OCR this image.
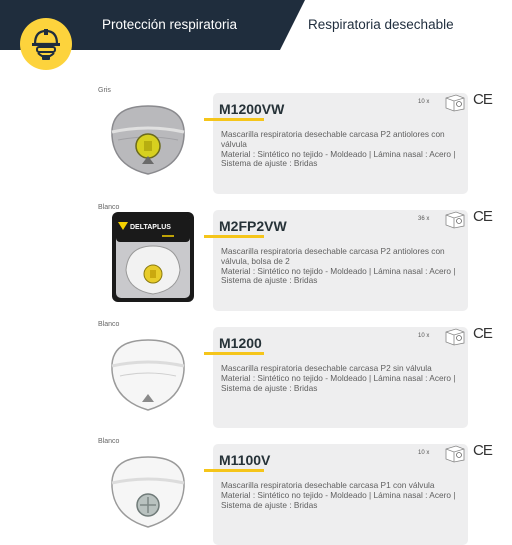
Protección respiratoria	Respiratoria desechable
Gris
M1200VW	10 x	CE
Mascarilla respiratoria desechable carcasa P2 antiolores con válvula
Material : Sintético no tejido - Moldeado | Lámina nasal : Acero | Sistema de ajuste : Bridas
Blanco
DELTAPLUS	M2FP2VW	36 x	CE
Mascarilla respiratoria desechable carcasa P2 antiolores con válvula, bolsa de 2
Material : Sintético no tejido - Moldeado | Lámina nasal : Acero | Sistema de ajuste : Bridas
Blanco
M1200	10 x	CE
Mascarilla respiratoria desechable carcasa P2 sin válvula
Material : Sintético no tejido - Moldeado | Lámina nasal : Acero | Sistema de ajuste : Bridas
Blanco
M1100V	10 x	CE
Mascarilla respiratoria desechable carcasa P1 con válvula
Material : Sintético no tejido - Moldeado | Lámina nasal : Acero | Sistema de ajuste : Bridas
